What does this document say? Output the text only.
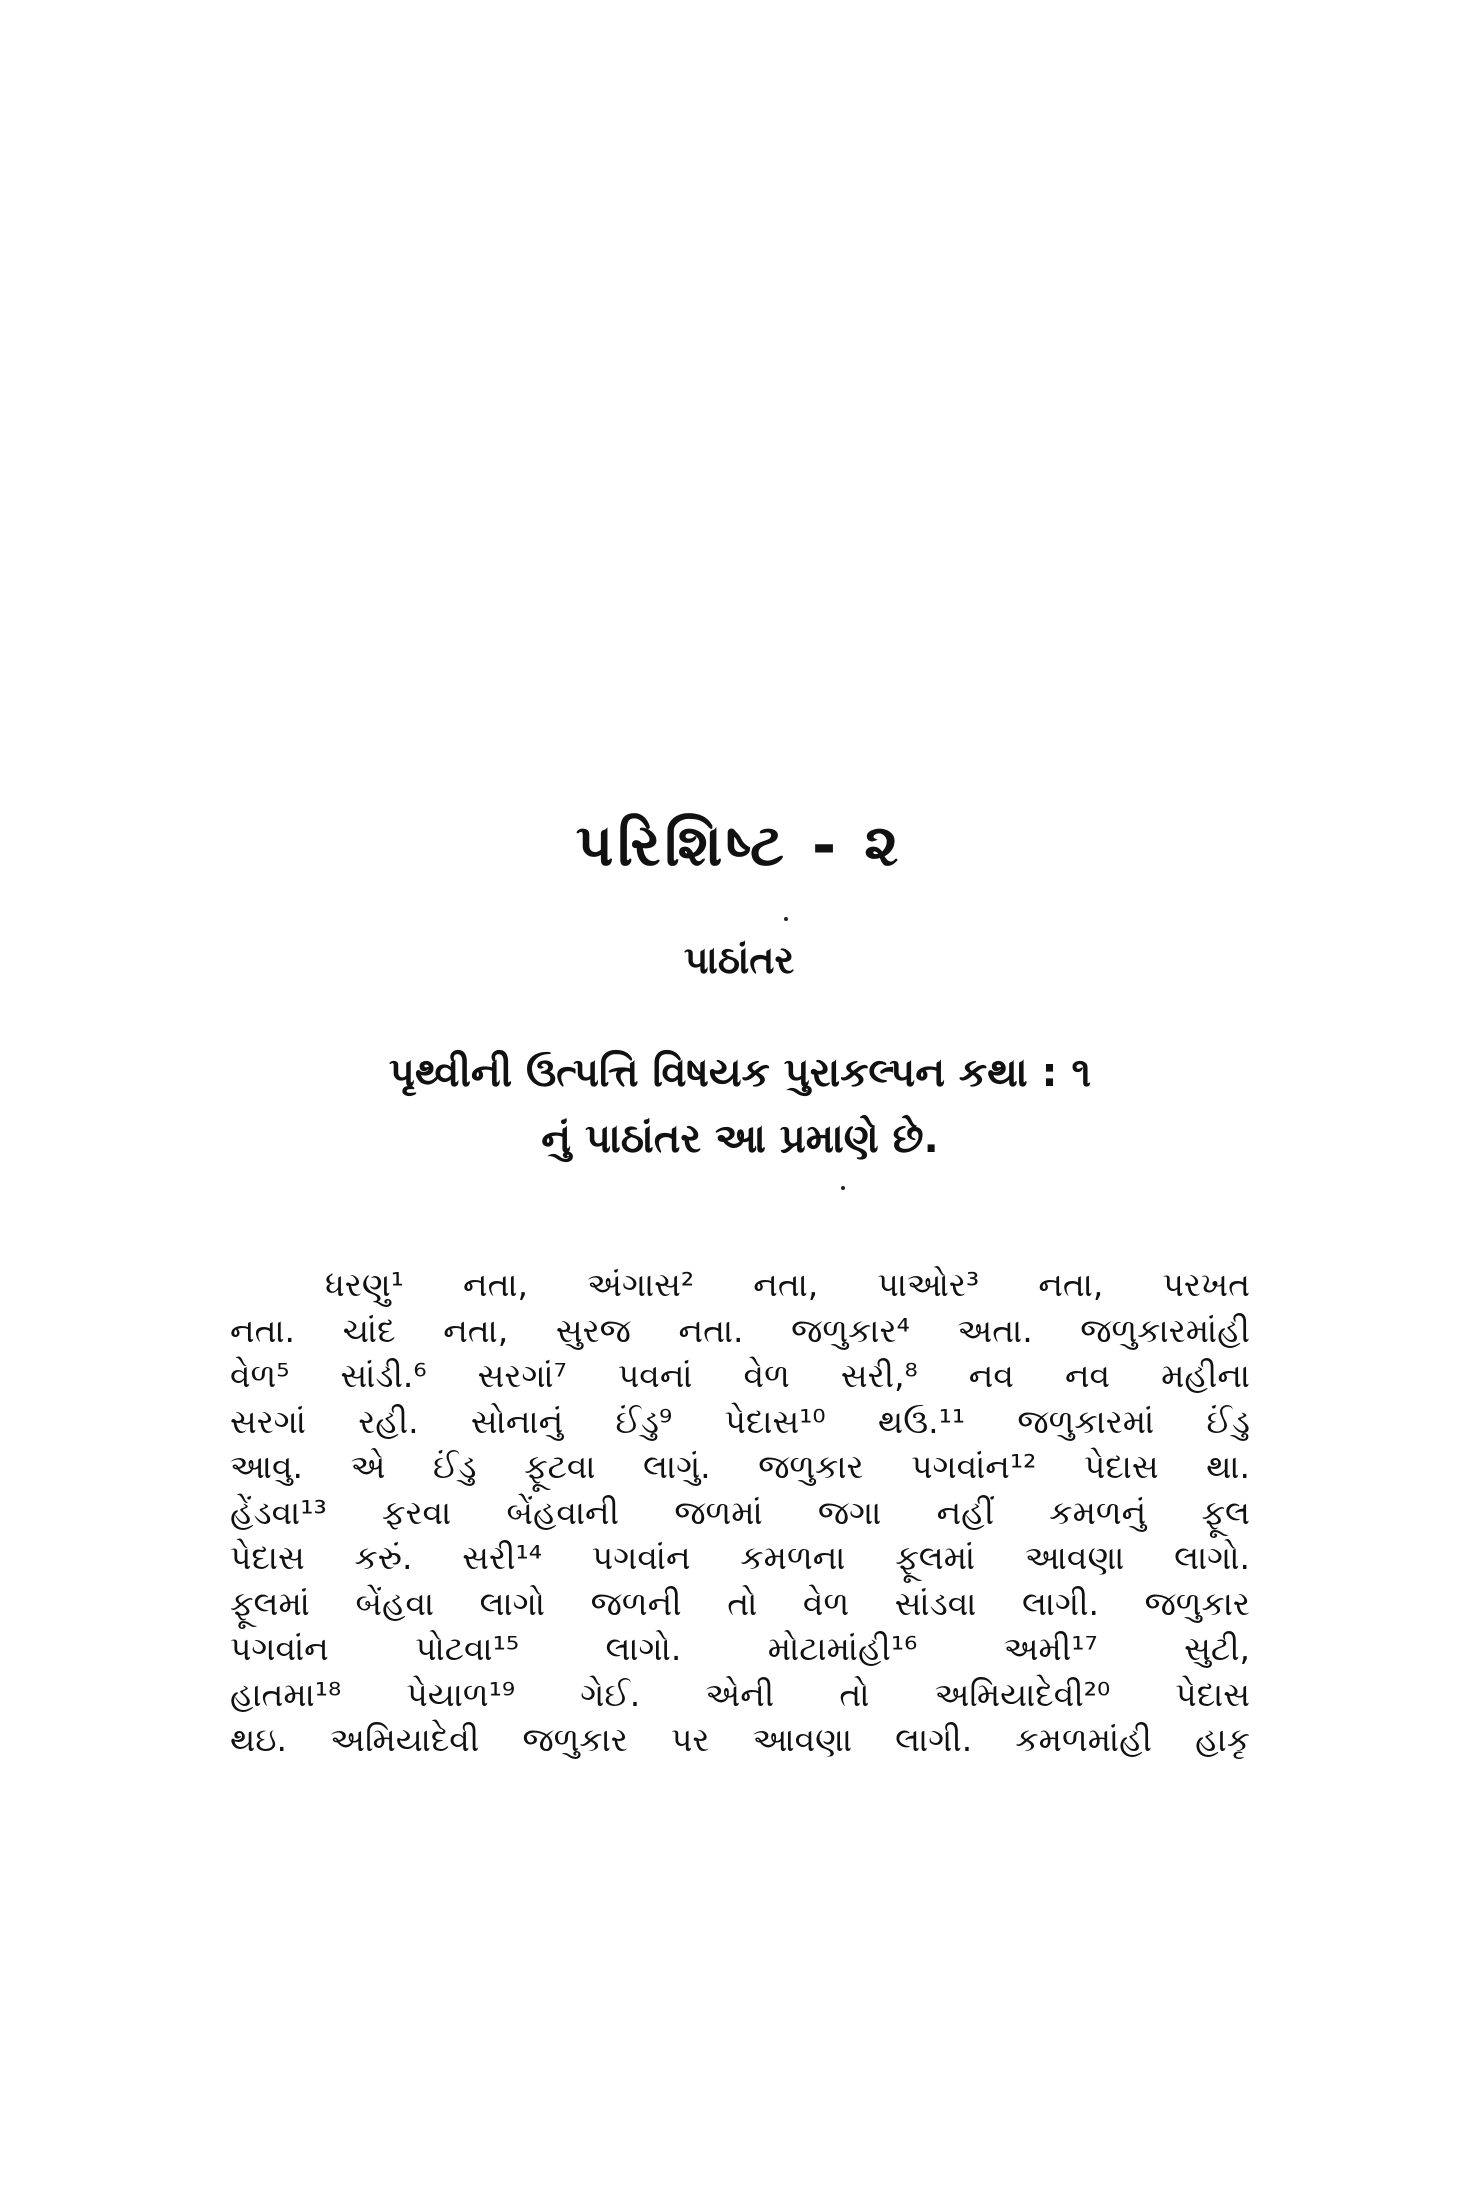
પરિશિષ્ટ - ૨
પાઠાંતર
પૃથ્વીની ઉત્પત્તિ વિષયક પુરાકલ્પન કથા : ૧
નું પાઠાંતર આ પ્રમાણે છે.
ધરણુ¹ નતા, અંગાસ² નતા, પાઓર³ નતા, પરખત
નતા. ચાંદ નતા, સુરજ નતા. જળુકાર⁴ અતા. જળુકારમાંહી
વેળ⁵ સાંડી.⁶ સરગાં⁷ પવનાં વેળ સરી,⁸ નવ નવ મહીના
સરગાં રહી. સોનાનું ઈંડુ⁹ પેદાસ¹⁰ થઉ.¹¹ જળુકારમાં ઈંડુ
આવુ. એ ઈંડુ ફૂટવા લાગું. જળુકાર પગવાંન¹² પેદાસ થા.
હેંડવા¹³ ફરવા બેંહવાની જળમાં જગા નહીં કમળનું ફૂલ
પેદાસ કરું. સરી¹⁴ પગવાંન કમળના ફૂલમાં આવણા લાગો.
ફૂલમાં બેંહવા લાગો જળની તો વેળ સાંડવા લાગી. જળુકાર
પગવાંન પોટવા¹⁵ લાગો. મોટામાંહી¹⁶ અમી¹⁷ સુટી,
હાતમા¹⁸ પેયાળ¹⁹ ગેઈ. એની તો અમિયાદેવી²⁰ પેદાસ
થઇ. અમિયાદેવી જળુકાર પર આવણા લાગી. કમળમાંહી હાકૃ
